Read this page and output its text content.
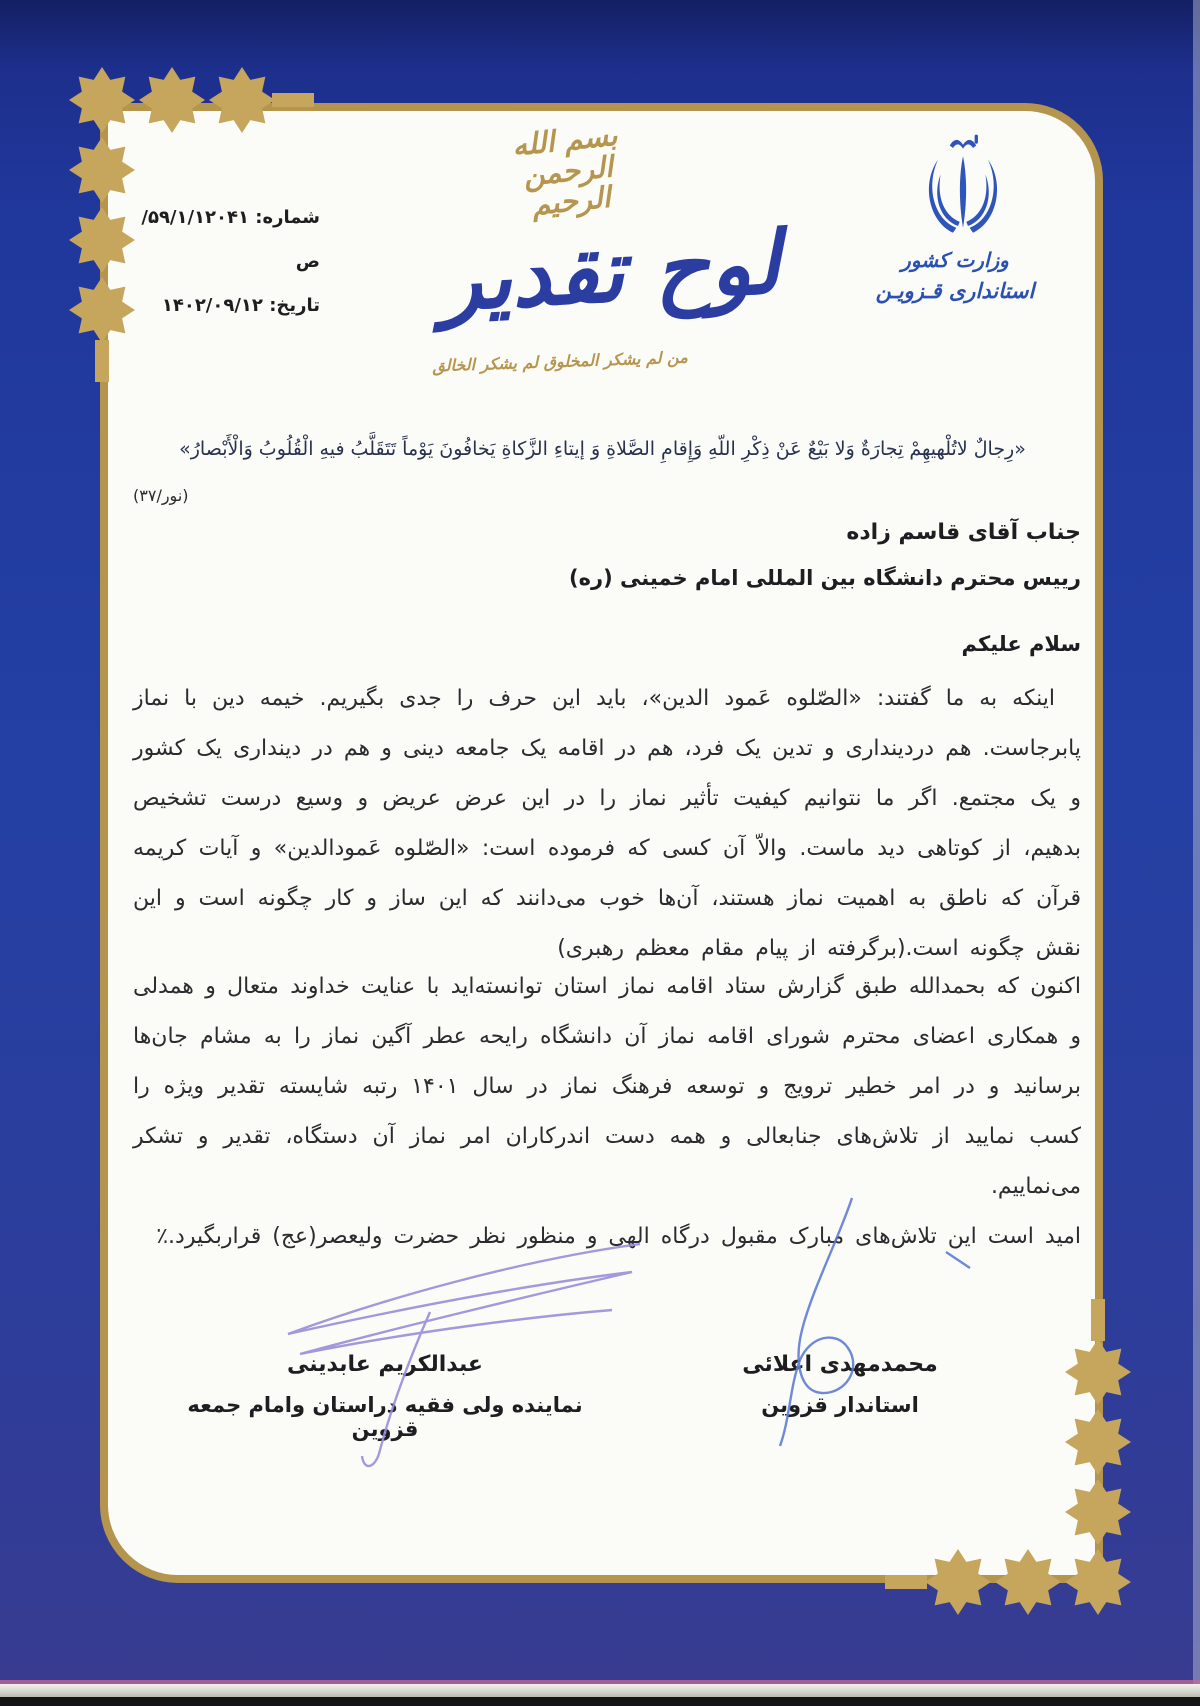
شماره: ۵۹/۱/۱۲۰۴۱/ص
تاریخ: ۱۴۰۲/۰۹/۱۲
بسم الله الرحمن الرحیم
لوح تقدیر
من لم یشکر المخلوق لم یشکر الخالق
وزارت کشور
استانداری قـزویـن
«رِجالٌ لاتُلْهیهِمْ تِجارَةٌ وَلا بَیْعٌ عَنْ ذِکْرِ اللّهِ وَإِقامِ الصَّلاةِ وَ إیتاءِ الزَّکاةِ یَخافُونَ یَوْماً تَتَقَلَّبُ فیهِ الْقُلُوبُ وَالْأَبْصارُ»
(نور/۳۷)
جناب آقای قاسم زاده
رییس محترم دانشگاه بین المللی امام خمینی (ره)
سلام علیکم
اینکه به ما گفتند: «الصّلوه عَمود الدین»، باید این حرف را جدی بگیریم. خیمه دین با نماز پابرجاست. هم دردینداری و تدین یک فرد، هم در اقامه یک جامعه دینی و هم در دینداری یک کشور و یک مجتمع. اگر ما نتوانیم کیفیت تأثیر نماز را در این عرض عریض و وسیع درست تشخیص بدهیم، از کوتاهی دید ماست. والاّ آن کسی که فرموده است: «الصّلوه عَمودالدین» و آیات کریمه قرآن که ناطق به اهمیت نماز هستند، آن‌ها خوب می‌دانند که این ساز و کار چگونه است و این نقش چگونه است.(برگرفته از پیام مقام معظم رهبری)
اکنون که بحمدالله طبق گزارش ستاد اقامه نماز استان توانسته‌اید با عنایت خداوند متعال و همدلی و همکاری اعضای محترم شورای اقامه نماز آن دانشگاه رایحه عطر آگین نماز را به مشام جان‌ها برسانید و در امر خطیر ترویج و توسعه فرهنگ نماز در سال ۱۴۰۱ رتبه شایسته تقدیر ویژه را کسب نمایید از تلاش‌های جنابعالی و همه دست اندرکاران امر نماز آن دستگاه، تقدیر و تشکر می‌نماییم.
امید است این تلاش‌های مبارک مقبول درگاه الهی و منظور نظر حضرت ولیعصر(عج) قراربگیرد.٪
محمدمهدی اعلائی
استاندار قزوین
عبدالکریم عابدینی
نماینده ولی فقیه دراستان وامام جمعه قزوین
